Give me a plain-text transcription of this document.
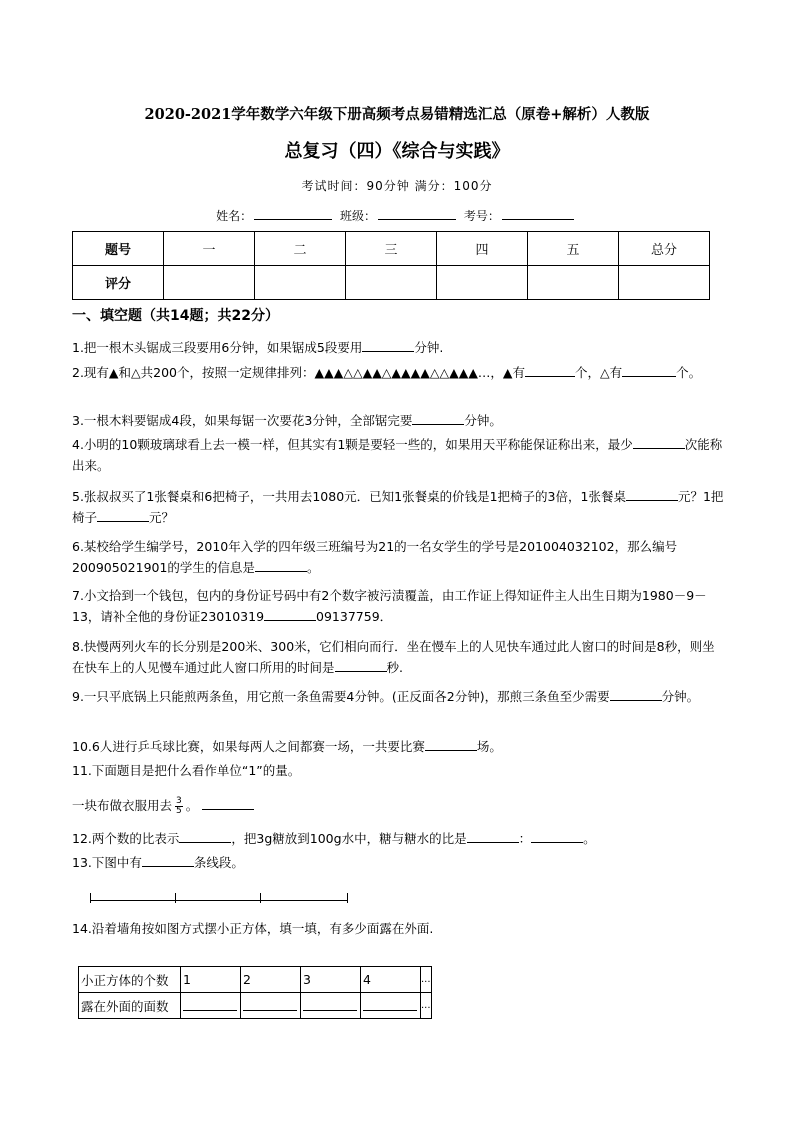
2020-2021学年数学六年级下册高频考点易错精选汇总（原卷+解析）人教版
总复习（四）《综合与实践》
考试时间：90分钟 满分：100分
姓名：	班级：	考号：
题号	一	二	三	四	五	总分
评分						
一、填空题（共14题；共22分）
1.把一根木头锯成三段要用6分钟，如果锯成5段要用	分钟.
2.现有▲和△共200个，按照一定规律排列：▲▲▲△△▲▲△▲▲▲▲△△▲▲▲…，▲有	个，△有	个。
3.一根木料要锯成4段，如果每锯一次要花3分钟，全部锯完要	分钟。
4.小明的10颗玻璃球看上去一模一样，但其实有1颗是要轻一些的，如果用天平称能保证称出来，最少	次能称出来。
5.张叔叔买了1张餐桌和6把椅子，一共用去1080元．已知1张餐桌的价钱是1把椅子的3倍，1张餐桌	元？1把椅子	元？
6.某校给学生编学号，2010年入学的四年级三班编号为21的一名女学生的学号是201004032102，那么编号200905021901的学生的信息是	。
7.小文拾到一个钱包，包内的身份证号码中有2个数字被污渍覆盖，由工作证上得知证件主人出生日期为1980－9－13，请补全他的身份证23010319	09137759．
8.快慢两列火车的长分别是200米、300米，它们相向而行．坐在慢车上的人见快车通过此人窗口的时间是8秒，则坐在快车上的人见慢车通过此人窗口所用的时间是	秒.
9.一只平底锅上只能煎两条鱼，用它煎一条鱼需要4分钟。(正反面各2分钟)，那煎三条鱼至少需要	分钟。
10.6人进行乒乓球比赛，如果每两人之间都赛一场，一共要比赛	场。
11.下面题目是把什么看作单位“1”的量。
一块布做衣服用去 $\frac{3}{5}$ 。
12.两个数的比表示	，把3g糖放到100g水中，糖与糖水的比是	：	。
13.下图中有	条线段。
14.沿着墙角按如图方式摆小正方体，填一填，有多少面露在外面.
小正方体的个数	1	2	3	4	...
露在外面的面数					...
